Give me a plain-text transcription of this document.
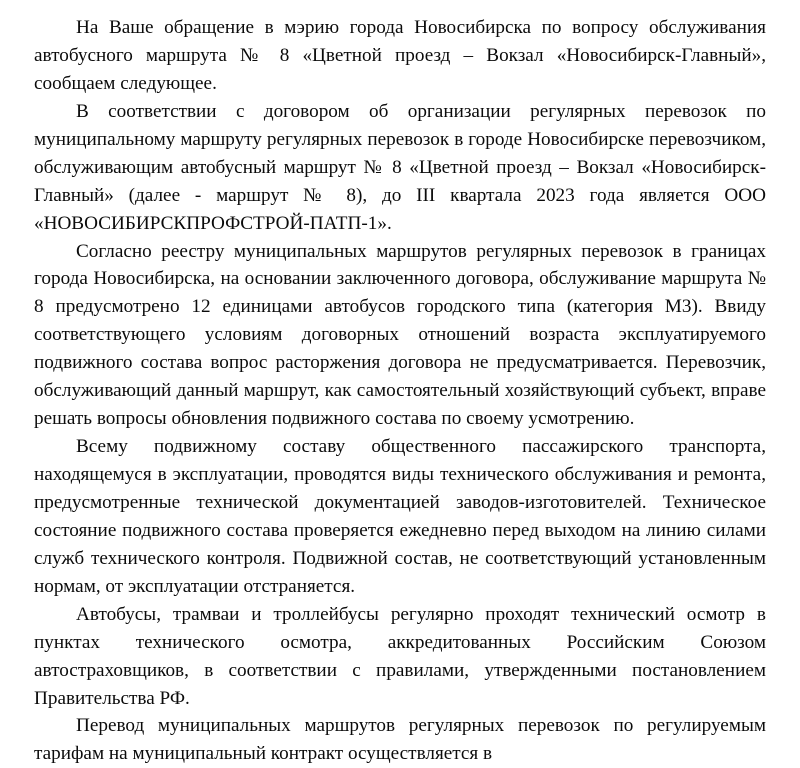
На Ваше обращение в мэрию города Новосибирска по вопросу обслуживания автобусного маршрута № 8 «Цветной проезд – Вокзал «Новосибирск-Главный», сообщаем следующее.

В соответствии с договором об организации регулярных перевозок по муниципальному маршруту регулярных перевозок в городе Новосибирске перевозчиком, обслуживающим автобусный маршрут № 8 «Цветной проезд – Вокзал «Новосибирск-Главный» (далее - маршрут № 8), до III квартала 2023 года является ООО «НОВОСИБИРСКПРОФСТРОЙ-ПАТП-1».

Согласно реестру муниципальных маршрутов регулярных перевозок в границах города Новосибирска, на основании заключенного договора, обслуживание маршрута № 8 предусмотрено 12 единицами автобусов городского типа (категория М3). Ввиду соответствующего условиям договорных отношений возраста эксплуатируемого подвижного состава вопрос расторжения договора не предусматривается. Перевозчик, обслуживающий данный маршрут, как самостоятельный хозяйствующий субъект, вправе решать вопросы обновления подвижного состава по своему усмотрению.

Всему подвижному составу общественного пассажирского транспорта, находящемуся в эксплуатации, проводятся виды технического обслуживания и ремонта, предусмотренные технической документацией заводов-изготовителей. Техническое состояние подвижного состава проверяется ежедневно перед выходом на линию силами служб технического контроля. Подвижной состав, не соответствующий установленным нормам, от эксплуатации отстраняется.

Автобусы, трамваи и троллейбусы регулярно проходят технический осмотр в пунктах технического осмотра, аккредитованных Российским Союзом автостраховщиков, в соответствии с правилами, утвержденными постановлением Правительства РФ.

Перевод муниципальных маршрутов регулярных перевозок по регулируемым тарифам на муниципальный контракт осуществляется в
